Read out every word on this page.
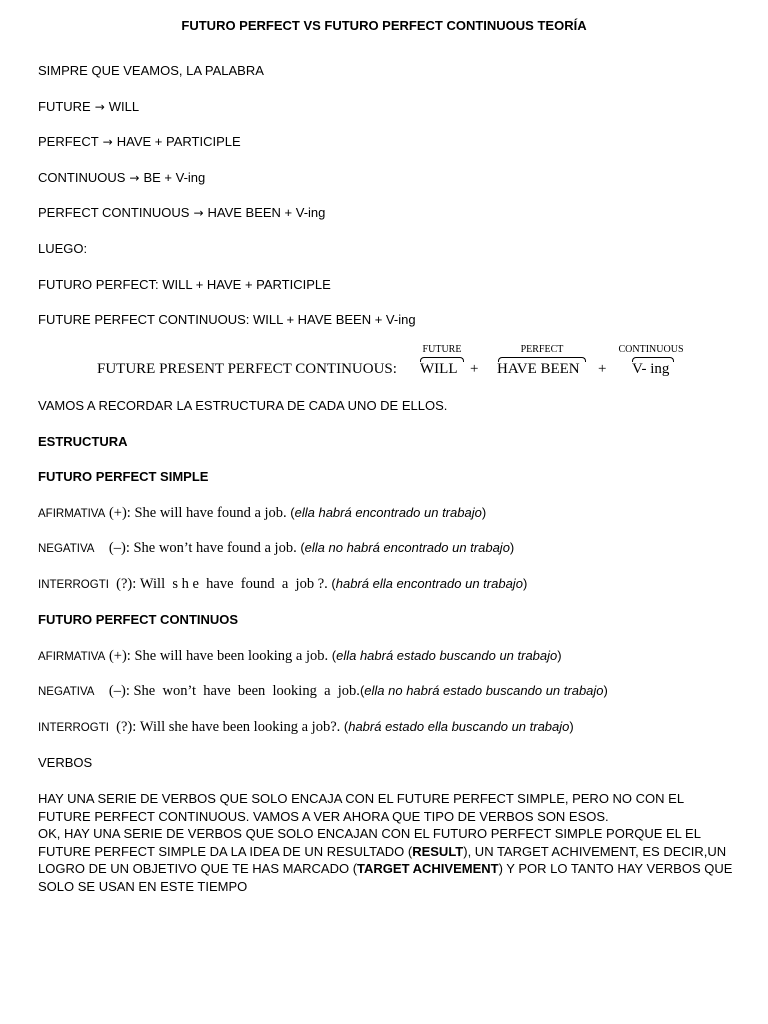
FUTURO PERFECT VS FUTURO PERFECT CONTINUOUS TEORÍA
SIMPRE QUE VEAMOS, LA PALABRA
FUTURE → WILL
PERFECT → HAVE + PARTICIPLE
CONTINUOUS → BE + V-ing
PERFECT CONTINUOUS → HAVE BEEN + V-ing
LUEGO:
FUTURO PERFECT: WILL + HAVE + PARTICIPLE
FUTURE PERFECT CONTINUOUS: WILL + HAVE BEEN + V-ing
FUTURE PRESENT PERFECT CONTINUOUS:
FUTURE
WILL +
PERFECT
HAVE BEEN +
CONTINUOUS
V- ing
VAMOS A RECORDAR LA ESTRUCTURA DE CADA UNO DE ELLOS.
ESTRUCTURA
FUTURO PERFECT SIMPLE
AFIRMATIVA (+): She will have found a job. (ella habrá encontrado un trabajo)
NEGATIVA (–): She won’t have found a job. (ella no habrá encontrado un trabajo)
INTERROGTI (?): Will  s h e  have  found  a  job ?. (habrá ella encontrado un trabajo)
FUTURO PERFECT CONTINUOS
AFIRMATIVA (+): She will have been looking a job. (ella habrá estado buscando un trabajo)
NEGATIVA (–): She  won’t  have  been  looking  a  job.(ella no habrá estado buscando un trabajo)
INTERROGTI (?): Will she have been looking a job?. (habrá estado ella buscando un trabajo)
VERBOS

HAY UNA SERIE DE VERBOS QUE SOLO ENCAJA CON EL FUTURE PERFECT SIMPLE, PERO NO CON EL FUTURE PERFECT CONTINUOUS. VAMOS A VER AHORA QUE TIPO DE VERBOS SON ESOS.

OK, HAY UNA SERIE DE VERBOS QUE SOLO ENCAJAN CON EL FUTURO PERFECT SIMPLE PORQUE EL EL FUTURE PERFECT SIMPLE DA LA IDEA DE UN RESULTADO (RESULT), UN TARGET ACHIVEMENT, ES DECIR,UN LOGRO DE UN OBJETIVO QUE TE HAS MARCADO (TARGET ACHIVEMENT) Y POR LO TANTO HAY VERBOS QUE SOLO SE USAN EN ESTE TIEMPO
